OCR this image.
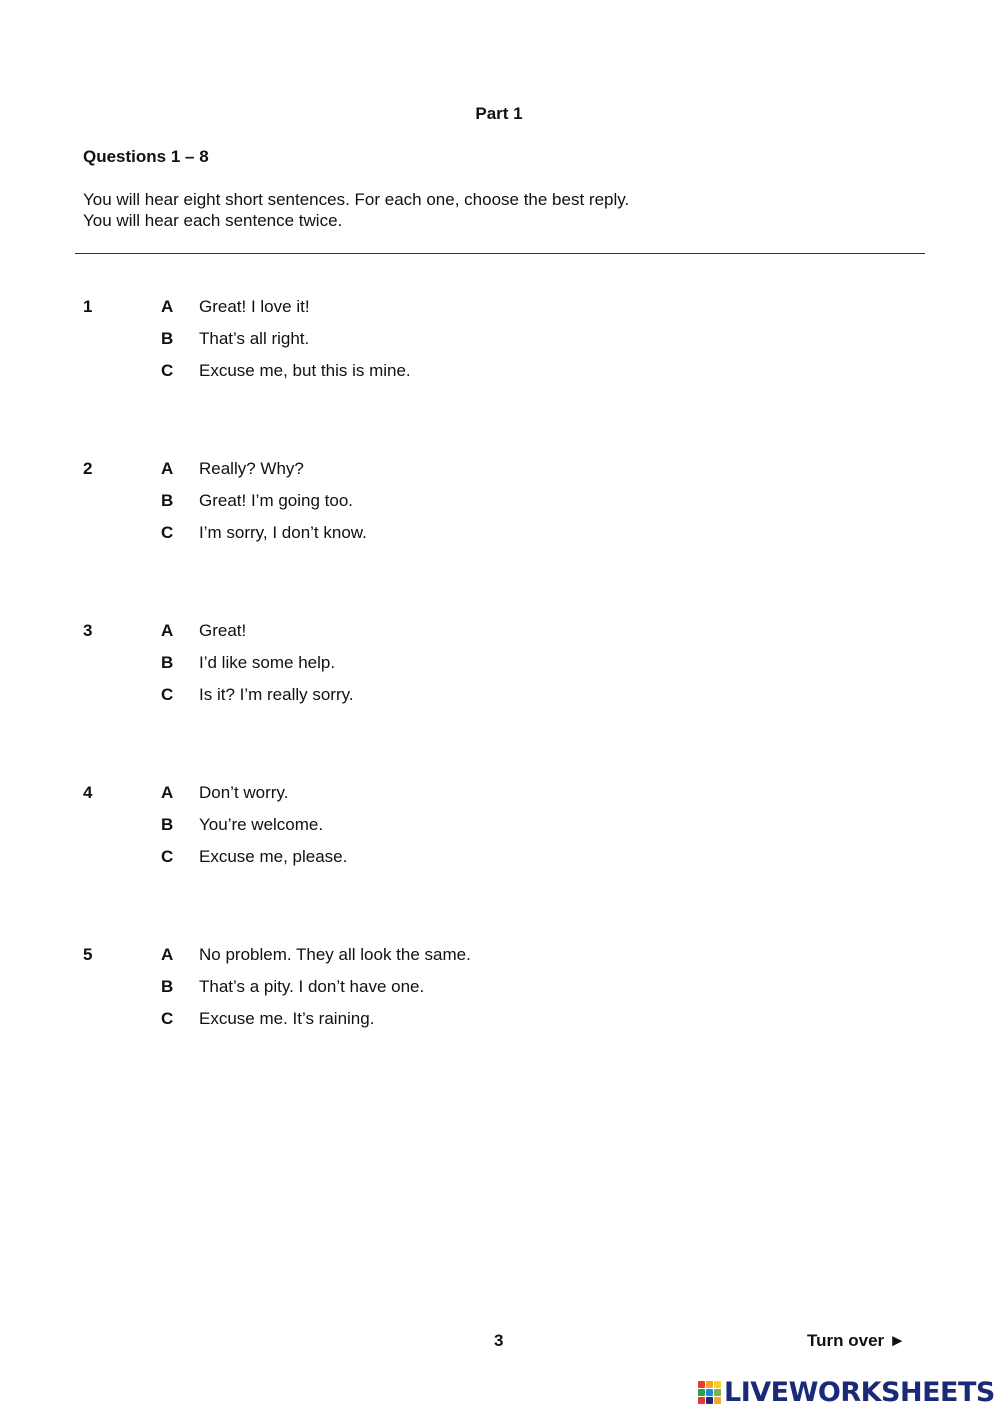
Part 1
Questions 1 – 8
You will hear eight short sentences. For each one, choose the best reply.
You will hear each sentence twice.
1	A Great! I love it!
B That’s all right.
C Excuse me, but this is mine.
2	A Really? Why?
B Great! I’m going too.
C I’m sorry, I don’t know.
3	A Great!
B I’d like some help.
C Is it? I’m really sorry.
4	A Don’t worry.
B You’re welcome.
C Excuse me, please.
5	A No problem. They all look the same.
B That’s a pity. I don’t have one.
C Excuse me. It’s raining.
3	Turn over ►
LIVEWORKSHEETS
